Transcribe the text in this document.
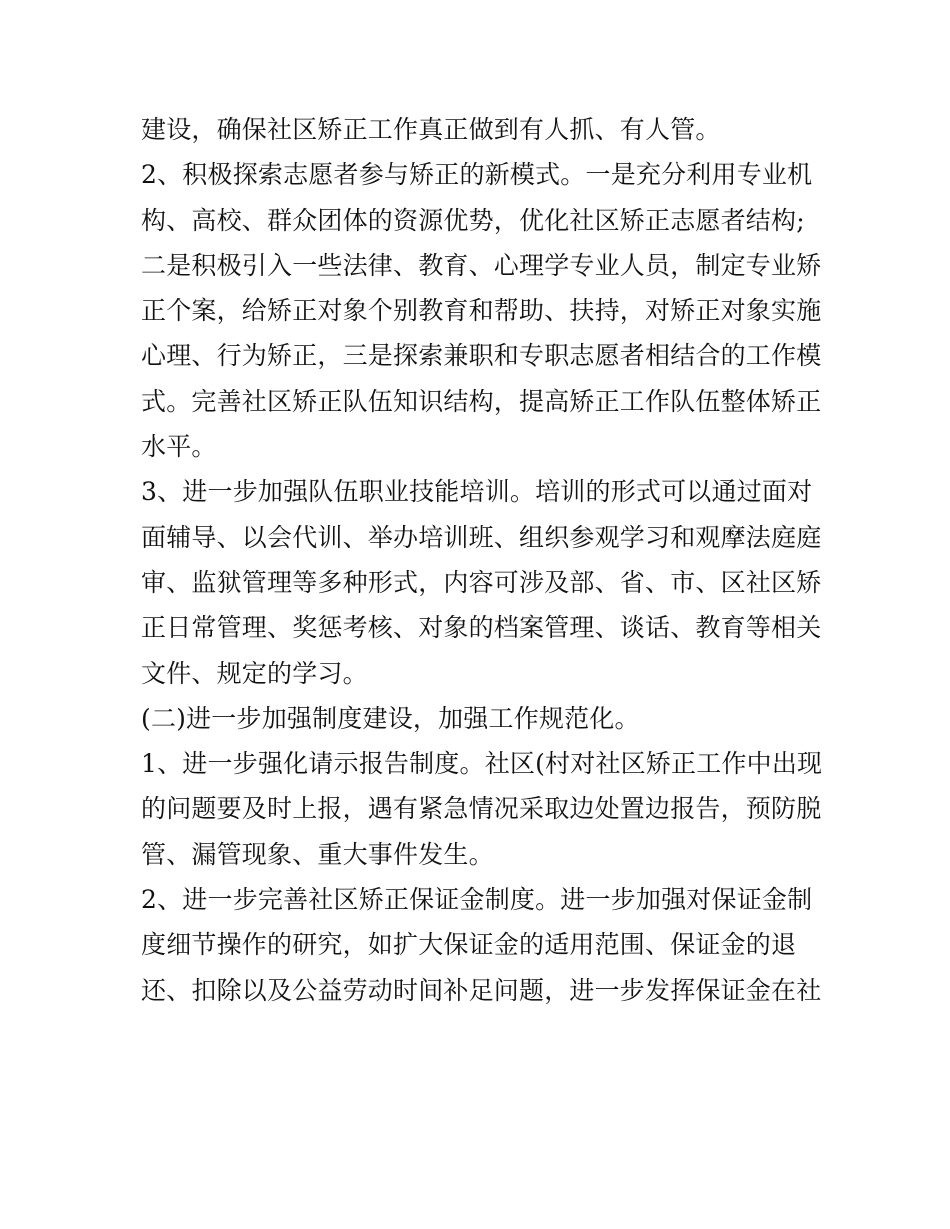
建设，确保社区矫正工作真正做到有人抓、有人管。
2、积极探索志愿者参与矫正的新模式。一是充分利用专业机
构、高校、群众团体的资源优势，优化社区矫正志愿者结构;
二是积极引入一些法律、教育、心理学专业人员，制定专业矫
正个案，给矫正对象个别教育和帮助、扶持，对矫正对象实施
心理、行为矫正，三是探索兼职和专职志愿者相结合的工作模
式。完善社区矫正队伍知识结构，提高矫正工作队伍整体矫正
水平。
3、进一步加强队伍职业技能培训。培训的形式可以通过面对
面辅导、以会代训、举办培训班、组织参观学习和观摩法庭庭
审、监狱管理等多种形式，内容可涉及部、省、市、区社区矫
正日常管理、奖惩考核、对象的档案管理、谈话、教育等相关
文件、规定的学习。
(二)进一步加强制度建设，加强工作规范化。
1、进一步强化请示报告制度。社区(村对社区矫正工作中出现
的问题要及时上报，遇有紧急情况采取边处置边报告，预防脱
管、漏管现象、重大事件发生。
2、进一步完善社区矫正保证金制度。进一步加强对保证金制
度细节操作的研究，如扩大保证金的适用范围、保证金的退
还、扣除以及公益劳动时间补足问题，进一步发挥保证金在社
